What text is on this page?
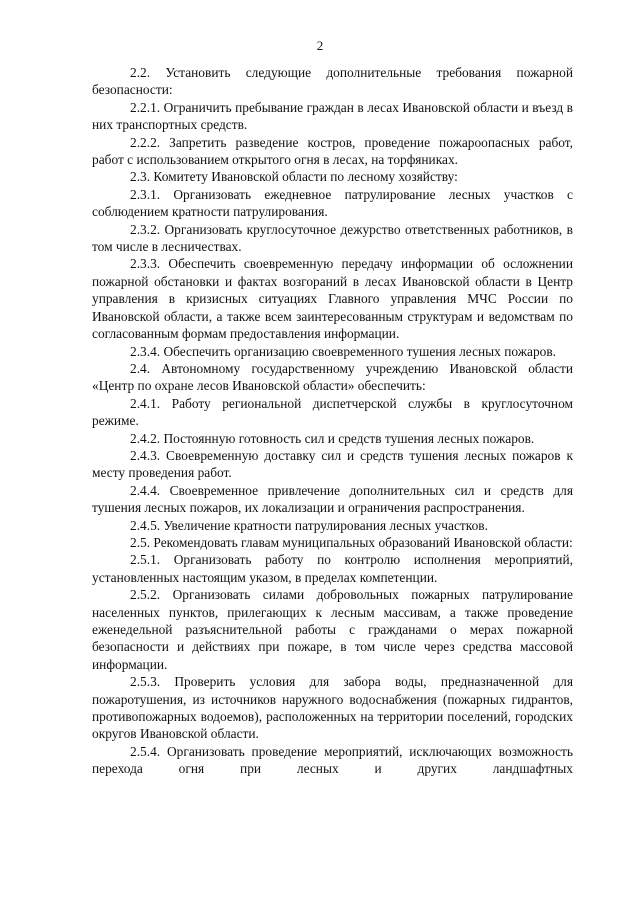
2

2.2. Установить следующие дополнительные требования пожарной безопасности:

2.2.1. Ограничить пребывание граждан в лесах Ивановской области и въезд в них транспортных средств.

2.2.2. Запретить разведение костров, проведение пожароопасных работ, работ с использованием открытого огня в лесах, на торфяниках.

2.3. Комитету Ивановской области по лесному хозяйству:

2.3.1. Организовать ежедневное патрулирование лесных участков с соблюдением кратности патрулирования.

2.3.2. Организовать круглосуточное дежурство ответственных работников, в том числе в лесничествах.

2.3.3. Обеспечить своевременную передачу информации об осложнении пожарной обстановки и фактах возгораний в лесах Ивановской области в Центр управления в кризисных ситуациях Главного управления МЧС России по Ивановской области, а также всем заинтересованным структурам и ведомствам по согласованным формам предоставления информации.

2.3.4. Обеспечить организацию своевременного тушения лесных пожаров.

2.4. Автономному государственному учреждению Ивановской области «Центр по охране лесов Ивановской области» обеспечить:

2.4.1. Работу региональной диспетчерской службы в круглосуточном режиме.

2.4.2. Постоянную готовность сил и средств тушения лесных пожаров.

2.4.3. Своевременную доставку сил и средств тушения лесных пожаров к месту проведения работ.

2.4.4. Своевременное привлечение дополнительных сил и средств для тушения лесных пожаров, их локализации и ограничения распространения.

2.4.5. Увеличение кратности патрулирования лесных участков.

2.5. Рекомендовать главам муниципальных образований Ивановской области:

2.5.1. Организовать работу по контролю исполнения мероприятий, установленных настоящим указом, в пределах компетенции.

2.5.2. Организовать силами добровольных пожарных патрулирование населенных пунктов, прилегающих к лесным массивам, а также проведение еженедельной разъяснительной работы с гражданами о мерах пожарной безопасности и действиях при пожаре, в том числе через средства массовой информации.

2.5.3. Проверить условия для забора воды, предназначенной для пожаротушения, из источников наружного водоснабжения (пожарных гидрантов, противопожарных водоемов), расположенных на территории поселений, городских округов Ивановской области.

2.5.4. Организовать проведение мероприятий, исключающих возможность перехода огня при лесных и других ландшафтных
